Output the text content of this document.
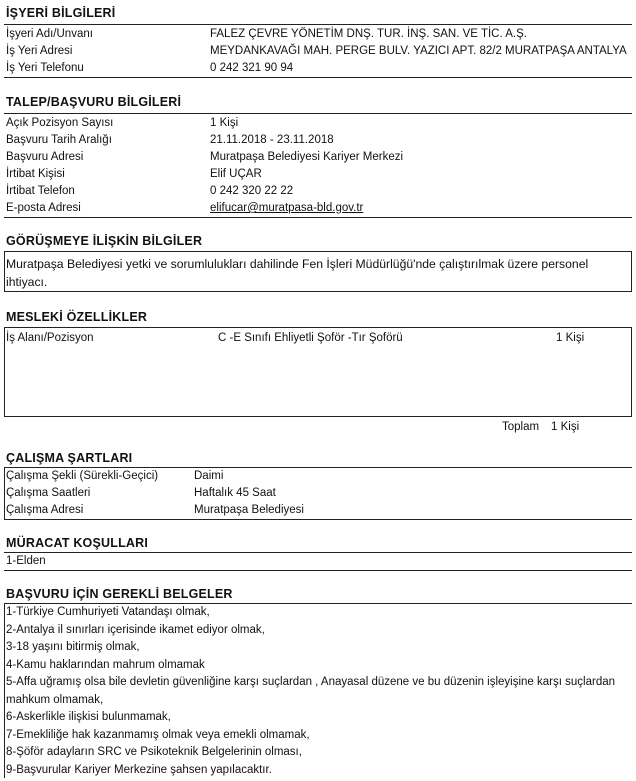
İŞYERİ BİLGİLERİ
İşyeri Adı/Unvanı	FALEZ ÇEVRE YÖNETİM DNŞ. TUR. İNŞ. SAN. VE TİC. A.Ş.
İş Yeri Adresi	MEYDANKAVAĞI MAH. PERGE BULV. YAZICI APT. 82/2 MURATPAŞA ANTALYA
İş Yeri Telefonu	0 242 321 90 94
TALEP/BAŞVURU BİLGİLERİ
Açık Pozisyon Sayısı	1 Kişi
Başvuru Tarih Aralığı	21.11.2018 - 23.11.2018
Başvuru Adresi	Muratpaşa Belediyesi Kariyer Merkezi
İrtibat Kişisi	Elif UÇAR
İrtibat Telefon	0 242 320 22 22
E-posta Adresi	elifucar@muratpasa-bld.gov.tr
GÖRÜŞMEYE İLİŞKİN BİLGİLER
Muratpaşa Belediyesi yetki ve sorumlulukları dahilinde Fen İşleri Müdürlüğü'nde çalıştırılmak üzere personel ihtiyacı.
MESLEKİ ÖZELLİKLER
İş Alanı/Pozisyon	C -E Sınıfı Ehliyetli Şoför -Tır Şoförü	1 Kişi
Toplam 1 Kişi
ÇALIŞMA ŞARTLARI
Çalışma Şekli (Sürekli-Geçici)	Daimi
Çalışma Saatleri	Haftalık 45 Saat
Çalışma Adresi	Muratpaşa Belediyesi
MÜRACAT KOŞULLARI
1-Elden
BAŞVURU İÇİN GEREKLİ BELGELER
1-Türkiye Cumhuriyeti Vatandaşı olmak,
2-Antalya il sınırları içerisinde ikamet ediyor olmak,
3-18 yaşını bitirmiş olmak,
4-Kamu haklarından mahrum olmamak
5-Affa uğramış olsa bile devletin güvenliğine karşı suçlardan , Anayasal düzene ve bu düzenin işleyişine karşı suçlardan mahkum olmamak,
6-Askerlikle ilişkisi bulunmamak,
7-Emekliliğe hak kazanmamış olmak veya emekli olmamak,
8-Şöför adayların SRC ve Psikoteknik Belgelerinin olması,
9-Başvurular Kariyer Merkezine şahsen yapılacaktır.
